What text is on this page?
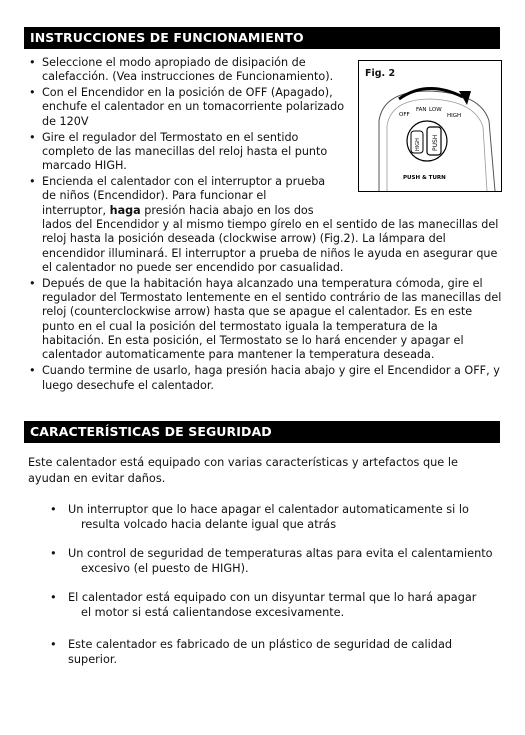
INSTRUCCIONES DE FUNCIONAMIENTO
• Seleccione el modo apropiado de disipación de calefacción. (Vea instrucciones de Funcionamiento).
• Con el Encendidor en la posición de OFF (Apagado), enchufe el calentador en un tomacorriente polarizado de 120V
• Gire el regulador del Termostato en el sentido completo de las manecillas del reloj hasta el punto marcado HIGH.
• Encienda el calentador con el interruptor a prueba de niños (Encendidor). Para funcionar el interruptor, haga presión hacia abajo en los dos lados del Encendidor y al mismo tiempo gírelo en el sentido de las manecillas del reloj hasta la posición deseada (clockwise arrow) (Fig.2). La lámpara del encendidor illuminará. El interruptor a prueba de niños le ayuda en asegurar que el calentador no puede ser encendido por casualidad.
• Depués de que la habitación haya alcanzado una temperatura cómoda, gire el regulador del Termostato lentemente en el sentido contrário de las manecillas del reloj (counterclockwise arrow) hasta que se apague el calentador. Es en este punto en el cual la posición del termostato iguala la temperatura de la habitación. En esta posición, el Termostato se lo hará encender y apagar el calentador automaticamente para mantener la temperatura deseada.
• Cuando termine de usarlo, haga presión hacia abajo y gire el Encendidor a OFF, y luego desechufe el calentador.
Fig. 2
OFF
FAN LOW
HIGH
HIGH PUSH
PUSH & TURN
CARACTERÍSTICAS DE SEGURIDAD

Este calentador está equipado con varias características y artefactos que le ayudan en evitar daños.

•	Un interruptor que lo hace apagar el calentador automaticamente si lo
resulta volcado hacia delante igual que atrás
•	Un control de seguridad de temperaturas altas para evita el calentamiento
excesivo (el puesto de HIGH).
•	El calentador está equipado con un disyuntar termal que lo hará apagar
el motor si está calientandose excesivamente.
•	Este calentador es fabricado de un plástico de seguridad de calidad superior.
